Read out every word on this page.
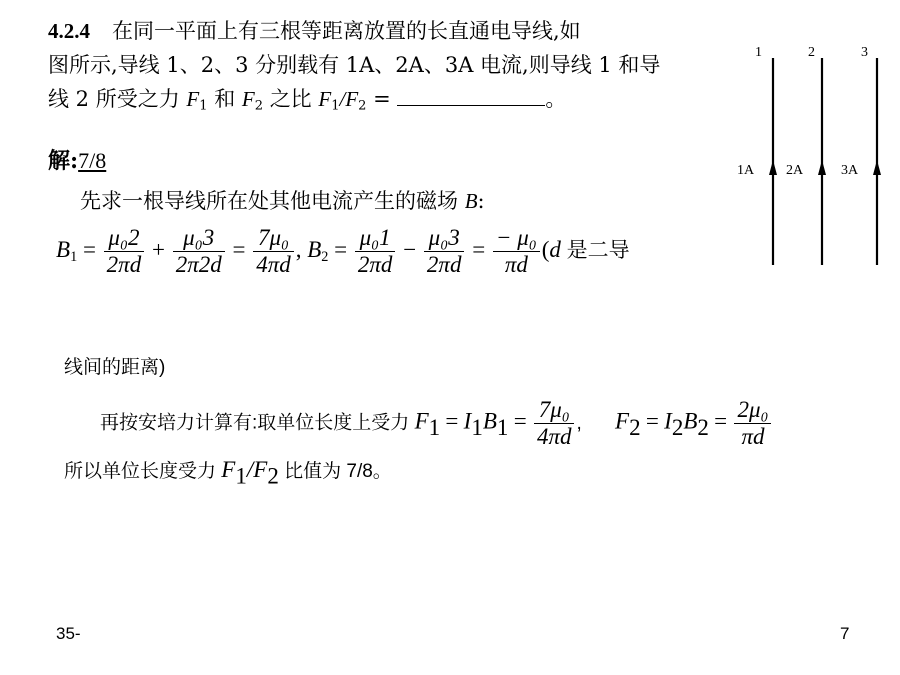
4.2.4 在同一平面上有三根等距离放置的长直通电导线,如
图所示,导线 1、2、3 分别载有 1A、2A、3A 电流,则导线 1 和导
线 2 所受之力 $F_1$ 和 $F_2$ 之比 $F_1/F_2$ =	。
解:7/8
先求一根导线所在处其他电流产生的磁场 B:
$B_1 = \frac{\text{μ₀2}}{2\pi d} + \frac{\text{μ₀3}}{2\pi 2d} = \frac{\text{7μ₀}}{4\pi d}$ , $B_2 = \frac{\text{μ₀1}}{2\pi d} - \frac{\text{μ₀3}}{2\pi d} = \frac{\text{− μ₀}}{\pi d} (d$ 是二导
线间的距离)
再按安培力计算有:取单位长度上受力 $F_1 = I_1B_1 = \frac{\text{7μ₀}}{4\pi d}$ , $F_2 = I_2B_2 = \frac{\text{2μ₀}}{\pi d}$
所以单位长度受力 $F_1/F_2$ 比值为 7/8。
1	2	3
1A 2A	3A
35-	7
